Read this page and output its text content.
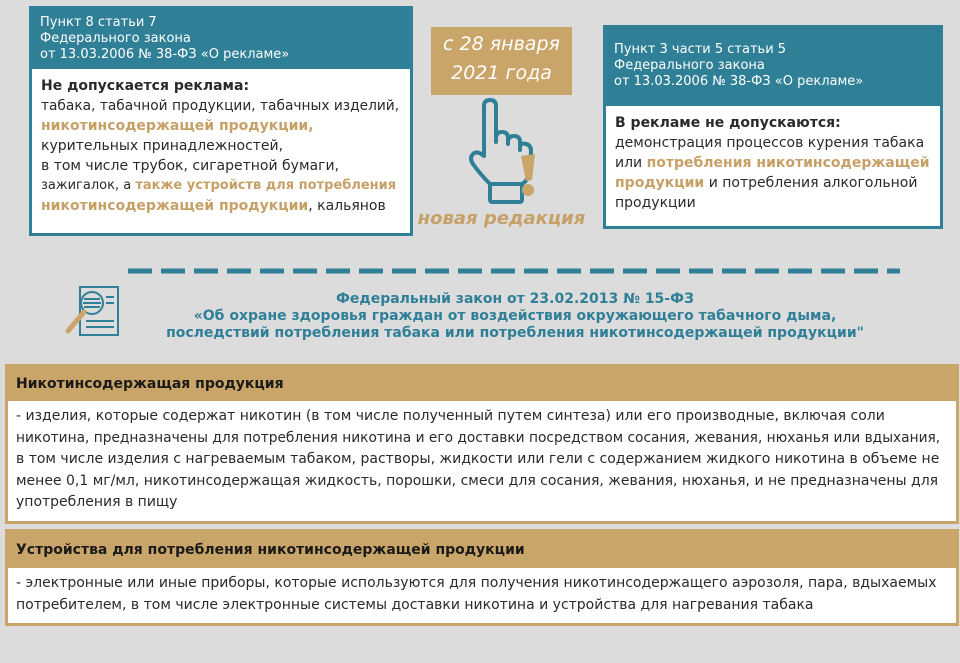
Пункт 8 статьи 7
Федерального закона
от 13.03.2006 № 38-ФЗ «О рекламе»
Не допускается реклама:
табака, табачной продукции, табачных изделий,
никотинсодержащей продукции,
курительных принадлежностей,
в том числе трубок, сигаретной бумаги,
зажигалок, а также устройств для потребления
никотинсодержащей продукции, кальянов
с 28 января
2021 года
новая редакция
Пункт 3 части 5 статьи 5
Федерального закона
от 13.03.2006 № 38-ФЗ «О рекламе»
В рекламе не допускаются:
демонстрация процессов курения табака
или потребления никотинсодержащей
продукции и потребления алкогольной
продукции
Федеральный закон от 23.02.2013 № 15-ФЗ
«Об охране здоровья граждан от воздействия окружающего табачного дыма,
последствий потребления табака или потребления никотинсодержащей продукции"
Никотинсодержащая продукция
- изделия, которые содержат никотин (в том числе полученный путем синтеза) или его производные, включая соли
никотина, предназначены для потребления никотина и его доставки посредством сосания, жевания, нюханья или вдыхания,
в том числе изделия с нагреваемым табаком, растворы, жидкости или гели с содержанием жидкого никотина в объеме не
менее 0,1 мг/мл, никотинсодержащая жидкость, порошки, смеси для сосания, жевания, нюханья, и не предназначены для
употребления в пищу
Устройства для потребления никотинсодержащей продукции
- электронные или иные приборы, которые используются для получения никотинсодержащего аэрозоля, пара, вдыхаемых
потребителем, в том числе электронные системы доставки никотина и устройства для нагревания табака
